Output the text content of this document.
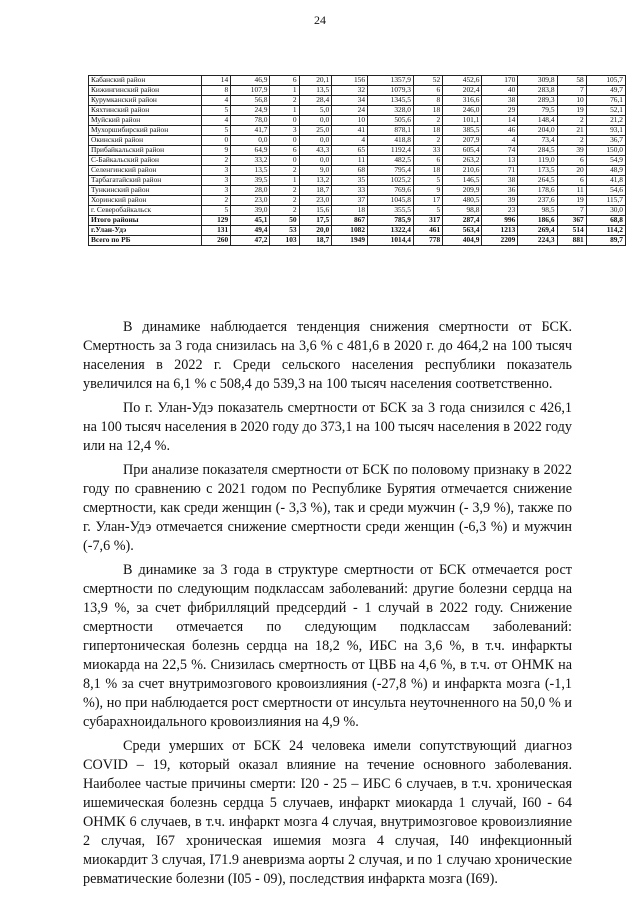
24
Кабанский район	14	46,9	6	20,1	156	1357,9	52	452,6	170	309,8	58	105,7
Кижингинский район	8	107,9	1	13,5	32	1079,3	6	202,4	40	283,8	7	49,7
Курумканский район	4	56,8	2	28,4	34	1345,5	8	316,6	38	289,3	10	76,1
Кяхтинский район	5	24,9	1	5,0	24	328,0	18	246,0	29	79,5	19	52,1
Муйский район	4	78,0	0	0,0	10	505,6	2	101,1	14	148,4	2	21,2
Мухоршибирский район	5	41,7	3	25,0	41	878,1	18	385,5	46	204,0	21	93,1
Окинский район	0	0,0	0	0,0	4	418,8	2	207,9	4	73,4	2	36,7
Прибайкальский район	9	64,9	6	43,3	65	1192,4	33	605,4	74	284,5	39	150,0
С-Байкальский район	2	33,2	0	0,0	11	482,5	6	263,2	13	119,0	6	54,9
Селенгинский район	3	13,5	2	9,0	68	795,4	18	210,6	71	173,5	20	48,9
Тарбагатайский район	3	39,5	1	13,2	35	1025,2	5	146,5	38	264,5	6	41,8
Тункинский район	3	28,0	2	18,7	33	769,6	9	209,9	36	178,6	11	54,6
Хоринский район	2	23,0	2	23,0	37	1045,8	17	480,5	39	237,6	19	115,7
г. Северобайкальск	5	39,0	2	15,6	18	355,5	5	98,8	23	98,5	7	30,0
Итого районы	129	45,1	50	17,5	867	785,9	317	287,4	996	186,6	367	68,8
г.Улан-Удэ	131	49,4	53	20,0	1082	1322,4	461	563,4	1213	269,4	514	114,2
Всего по РБ	260	47,2	103	18,7	1949	1014,4	778	404,9	2209	224,3	881	89,7

В динамике наблюдается тенденция снижения смертности от БСК. Смертность за 3 года снизилась на 3,6 % с 481,6 в 2020 г. до 464,2 на 100 тысяч населения в 2022 г. Среди сельского населения республики показатель увеличился на 6,1 % с 508,4 до 539,3 на 100 тысяч населения соответственно.

По г. Улан-Удэ показатель смертности от БСК за 3 года снизился с 426,1 на 100 тысяч населения в 2020 году до 373,1 на 100 тысяч населения в 2022 году или на 12,4 %.

При анализе показателя смертности от БСК по половому признаку в 2022 году по сравнению с 2021 годом по Республике Бурятия отмечается снижение смертности, как среди женщин (- 3,3 %), так и среди мужчин (- 3,9 %), также по г. Улан-Удэ отмечается снижение смертности среди женщин (-6,3 %) и мужчин (-7,6 %).

В динамике за 3 года в структуре смертности от БСК отмечается рост смертности по следующим подклассам заболеваний: другие болезни сердца на 13,9 %, за счет фибрилляций предсердий - 1 случай в 2022 году. Снижение смертности отмечается по следующим подклассам заболеваний: гипертоническая болезнь сердца на 18,2 %, ИБС на 3,6 %, в т.ч. инфаркты миокарда на 22,5 %. Снизилась смертность от ЦВБ на 4,6 %, в т.ч. от ОНМК на 8,1 % за счет внутримозгового кровоизлияния (-27,8 %) и инфаркта мозга (-1,1 %), но при наблюдается рост смертности от инсульта неуточненного на 50,0 % и субарахноидального кровоизлияния на 4,9 %.

Среди умерших от БСК 24 человека имели сопутствующий диагноз COVID – 19, который оказал влияние на течение основного заболевания. Наиболее частые причины смерти: I20 - 25 – ИБС 6 случаев, в т.ч. хроническая ишемическая болезнь сердца 5 случаев, инфаркт миокарда 1 случай, I60 - 64 ОНМК 6 случаев, в т.ч. инфаркт мозга 4 случая, внутримозговое кровоизлияние 2 случая, I67 хроническая ишемия мозга 4 случая, I40 инфекционный миокардит 3 случая, I71.9 аневризма аорты 2 случая, и по 1 случаю хронические ревматические болезни (I05 - 09), последствия инфаркта мозга (I69).
